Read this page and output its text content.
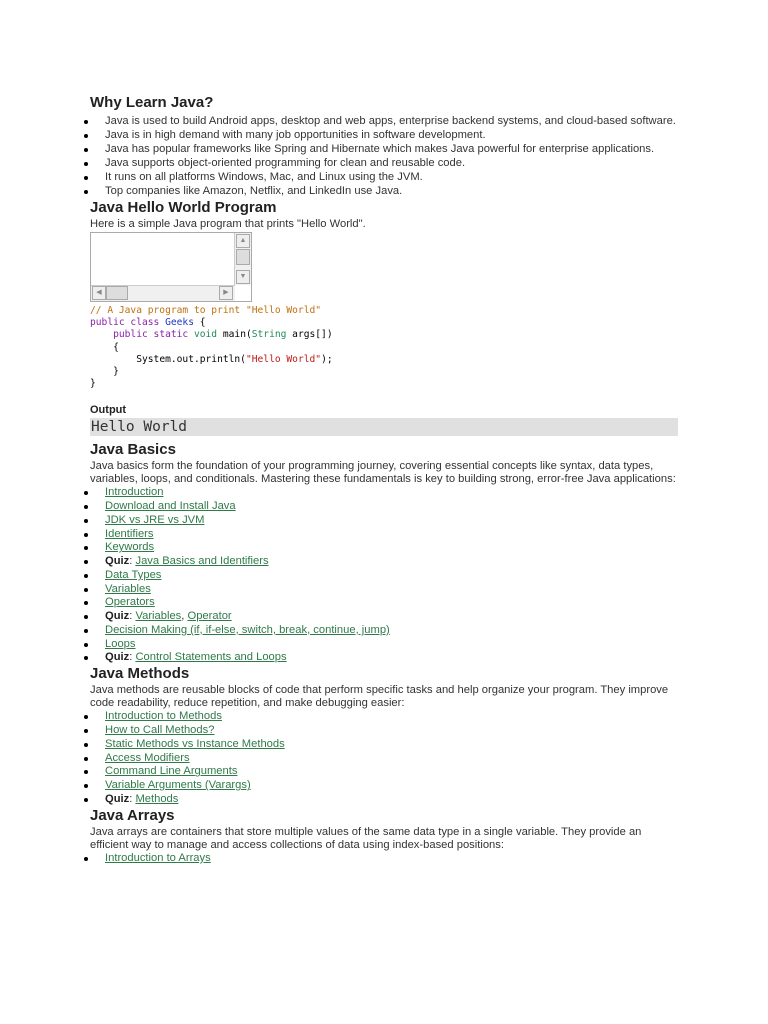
Why Learn Java?
Java is used to build Android apps, desktop and web apps, enterprise backend systems, and cloud-based software.
Java is in high demand with many job opportunities in software development.
Java has popular frameworks like Spring and Hibernate which makes Java powerful for enterprise applications.
Java supports object-oriented programming for clean and reusable code.
It runs on all platforms Windows, Mac, and Linux using the JVM.
Top companies like Amazon, Netflix, and LinkedIn use Java.
Java Hello World Program

Here is a simple Java program that prints "Hello World".

▲
▼
◀	▶
// A Java program to print "Hello World"
public class Geeks {
public static void main(String args[])
{
System.out.println("Hello World");
}
}
Output
Hello World
Java Basics

Java basics form the foundation of your programming journey, covering essential concepts like syntax, data types, variables, loops, and conditionals. Mastering these fundamentals is key to building strong, error-free Java applications:

Introduction
Download and Install Java
JDK vs JRE vs JVM
Identifiers
Keywords
Quiz: Java Basics and Identifiers
Data Types
Variables
Operators
Quiz: Variables, Operator
Decision Making (if, if-else, switch, break, continue, jump)
Loops
Quiz: Control Statements and Loops
Java Methods

Java methods are reusable blocks of code that perform specific tasks and help organize your program. They improve code readability, reduce repetition, and make debugging easier:

Introduction to Methods
How to Call Methods?
Static Methods vs Instance Methods
Access Modifiers
Command Line Arguments
Variable Arguments (Varargs)
Quiz: Methods
Java Arrays

Java arrays are containers that store multiple values of the same data type in a single variable. They provide an efficient way to manage and access collections of data using index-based positions:

Introduction to Arrays
